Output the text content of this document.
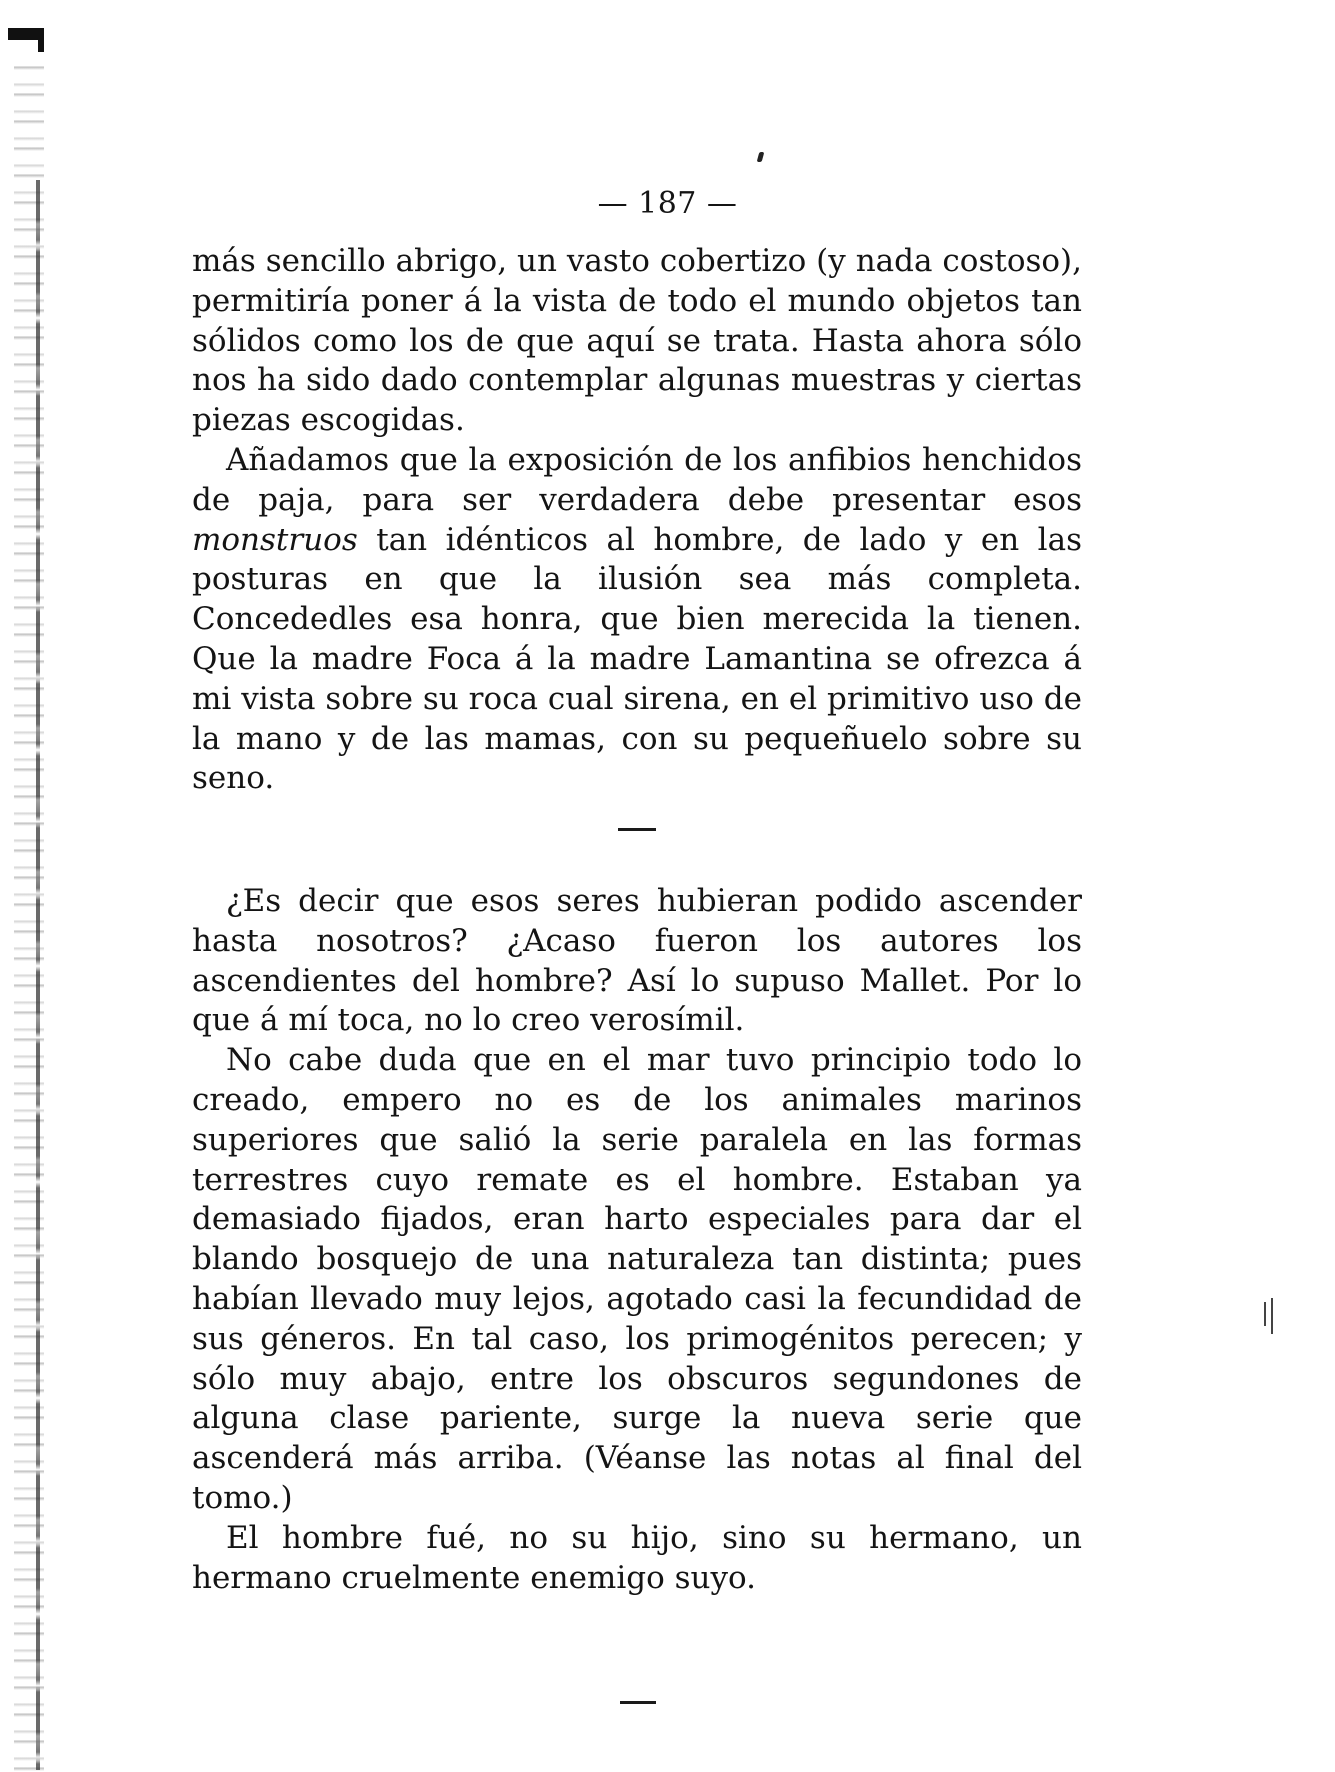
— 187 —

más sencillo abrigo, un vasto cobertizo (y nada costoso), permitiría poner á la vista de todo el mundo objetos tan sólidos como los de que aquí se trata. Hasta ahora sólo nos ha sido dado contemplar algunas muestras y ciertas piezas escogidas.

Añadamos que la exposición de los anfibios henchidos de paja, para ser verdadera debe presentar esos monstruos tan idénticos al hombre, de lado y en las posturas en que la ilusión sea más completa. Concededles esa honra, que bien merecida la tienen. Que la madre Foca á la madre Lamantina se ofrezca á mi vista sobre su roca cual sirena, en el primitivo uso de la mano y de las mamas, con su pequeñuelo sobre su seno.

¿Es decir que esos seres hubieran podido ascender hasta nosotros? ¿Acaso fueron los autores los ascendientes del hombre? Así lo supuso Mallet. Por lo que á mí toca, no lo creo verosímil.

No cabe duda que en el mar tuvo principio todo lo creado, empero no es de los animales marinos superiores que salió la serie paralela en las formas terrestres cuyo remate es el hombre. Estaban ya demasiado fijados, eran harto especiales para dar el blando bosquejo de una naturaleza tan distinta; pues habían llevado muy lejos, agotado casi la fecundidad de sus géneros. En tal caso, los primogénitos perecen; y sólo muy abajo, entre los obscuros segundones de alguna clase pariente, surge la nueva serie que ascenderá más arriba. (Véanse las notas al final del tomo.)

El hombre fué, no su hijo, sino su hermano, un hermano cruelmente enemigo suyo.
